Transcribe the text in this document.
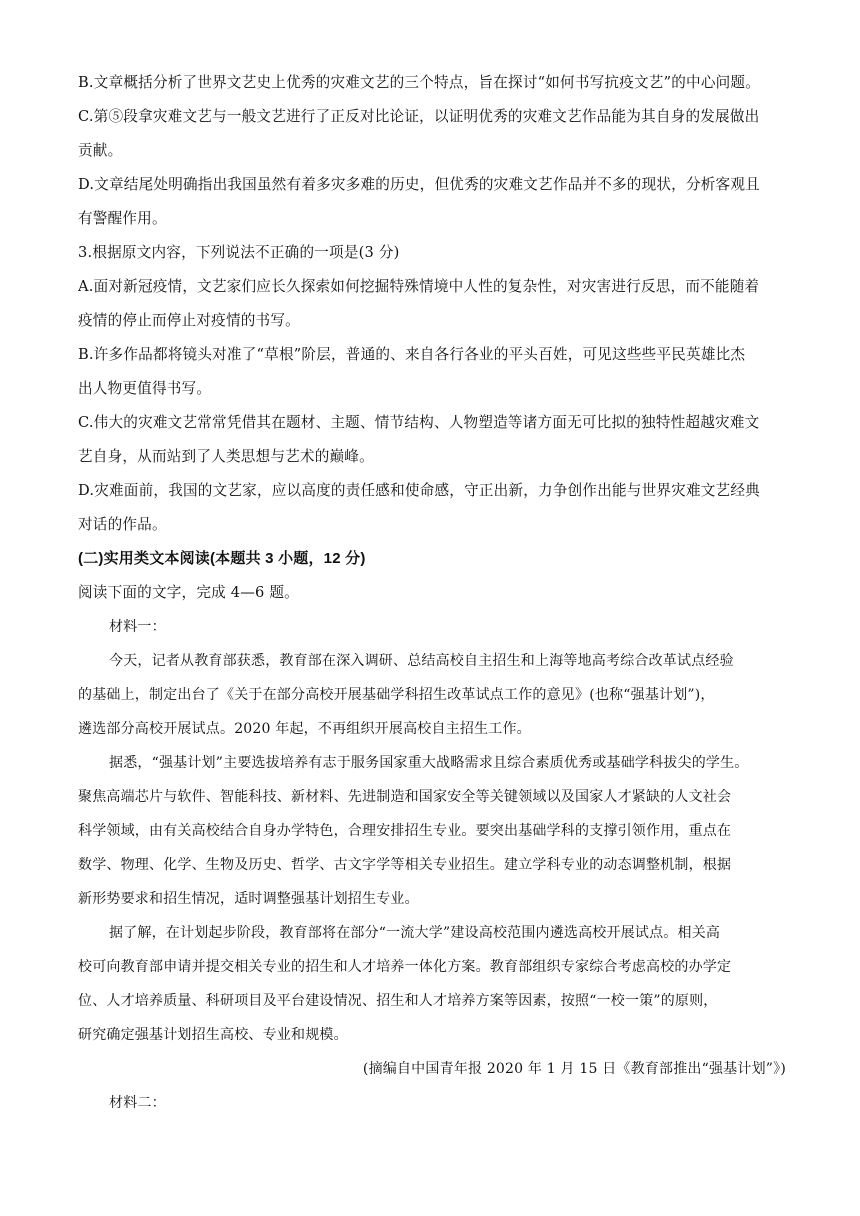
B.文章概括分析了世界文艺史上优秀的灾难文艺的三个特点，旨在探讨“如何书写抗疫文艺”的中心问题。
C.第⑤段拿灾难文艺与一般文艺进行了正反对比论证，以证明优秀的灾难文艺作品能为其自身的发展做出
贡献。
D.文章结尾处明确指出我国虽然有着多灾多难的历史，但优秀的灾难文艺作品并不多的现状，分析客观且
有警醒作用。
3.根据原文内容，下列说法不正确的一项是(3 分)
A.面对新冠疫情，文艺家们应长久探索如何挖掘特殊情境中人性的复杂性，对灾害进行反思，而不能随着
疫情的停止而停止对疫情的书写。
B.许多作品都将镜头对准了“草根”阶层，普通的、来自各行各业的平头百姓，可见这些些平民英雄比杰
出人物更值得书写。
C.伟大的灾难文艺常常凭借其在题材、主题、情节结构、人物塑造等诸方面无可比拟的独特性超越灾难文
艺自身，从而站到了人类思想与艺术的巅峰。
D.灾难面前，我国的文艺家，应以高度的责任感和使命感，守正出新，力争创作出能与世界灾难文艺经典
对话的作品。
(二)实用类文本阅读(本题共 3 小题，12 分)
阅读下面的文字，完成 4—6 题。
材料一：
今天，记者从教育部获悉，教育部在深入调研、总结高校自主招生和上海等地高考综合改革试点经验
的基础上，制定出台了《关于在部分高校开展基础学科招生改革试点工作的意见》(也称“强基计划”)，
遴选部分高校开展试点。2020 年起，不再组织开展高校自主招生工作。
据悉，“强基计划”主要选拔培养有志于服务国家重大战略需求且综合素质优秀或基础学科拔尖的学生。
聚焦高端芯片与软件、智能科技、新材料、先进制造和国家安全等关键领域以及国家人才紧缺的人文社会
科学领域，由有关高校结合自身办学特色，合理安排招生专业。要突出基础学科的支撑引领作用，重点在
数学、物理、化学、生物及历史、哲学、古文字学等相关专业招生。建立学科专业的动态调整机制，根据
新形势要求和招生情况，适时调整强基计划招生专业。
据了解，在计划起步阶段，教育部将在部分“一流大学”建设高校范围内遴选高校开展试点。相关高
校可向教育部申请并提交相关专业的招生和人才培养一体化方案。教育部组织专家综合考虑高校的办学定
位、人才培养质量、科研项目及平台建设情况、招生和人才培养方案等因素，按照“一校一策”的原则，
研究确定强基计划招生高校、专业和规模。
(摘编自中国青年报 2020 年 1 月 15 日《教育部推出“强基计划”》)
材料二：
